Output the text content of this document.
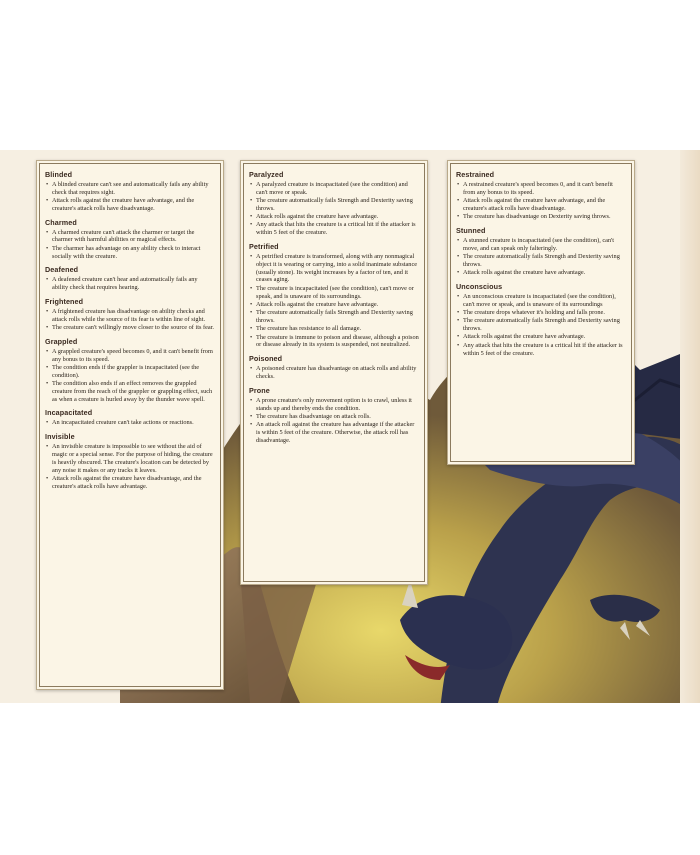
Blinded
• A blinded creature can't see and automatically fails any ability check that requires sight.
• Attack rolls against the creature have advantage, and the creature's attack rolls have disadvantage.
Charmed
• A charmed creature can't attack the charmer or target the charmer with harmful abilities or magical effects.
• The charmer has advantage on any ability check to interact socially with the creature.
Deafened
• A deafened creature can't hear and automatically fails any ability check that requires hearing.
Frightened
• A frightened creature has disadvantage on ability checks and attack rolls while the source of its fear is within line of sight.
• The creature can't willingly move closer to the source of its fear.
Grappled
• A grappled creature's speed becomes 0, and it can't benefit from any bonus to its speed.
• The condition ends if the grappler is incapacitated (see the condition).
• The condition also ends if an effect removes the grappled creature from the reach of the grappler or grappling effect, such as when a creature is hurled away by the thunder wave spell.
Incapacitated
• An incapacitated creature can't take actions or reactions.
Invisible
• An invisible creature is impossible to see without the aid of magic or a special sense. For the purpose of hiding, the creature is heavily obscured. The creature's location can be detected by any noise it makes or any tracks it leaves.
• Attack rolls against the creature have disadvantage, and the creature's attack rolls have advantage.
Paralyzed
• A paralyzed creature is incapacitated (see the condition) and can't move or speak.
• The creature automatically fails Strength and Dexterity saving throws.
• Attack rolls against the creature have advantage.
• Any attack that hits the creature is a critical hit if the attacker is within 5 feet of the creature.
Petrified
• A petrified creature is transformed, along with any nonmagical object it is wearing or carrying, into a solid inanimate substance (usually stone). Its weight increases by a factor of ten, and it ceases aging.
• The creature is incapacitated (see the condition), can't move or speak, and is unaware of its surroundings.
• Attack rolls against the creature have advantage.
• The creature automatically fails Strength and Dexterity saving throws.
• The creature has resistance to all damage.
• The creature is immune to poison and disease, although a poison or disease already in its system is suspended, not neutralized.
Poisoned
• A poisoned creature has disadvantage on attack rolls and ability checks.
Prone
• A prone creature's only movement option is to crawl, unless it stands up and thereby ends the condition.
• The creature has disadvantage on attack rolls.
• An attack roll against the creature has advantage if the attacker is within 5 feet of the creature. Otherwise, the attack roll has disadvantage.
Restrained
• A restrained creature's speed becomes 0, and it can't benefit from any bonus to its speed.
• Attack rolls against the creature have advantage, and the creature's attack rolls have disadvantage.
• The creature has disadvantage on Dexterity saving throws.
Stunned
• A stunned creature is incapacitated (see the condition), can't move, and can speak only falteringly.
• The creature automatically fails Strength and Dexterity saving throws.
• Attack rolls against the creature have advantage.
Unconscious
• An unconscious creature is incapacitated (see the condition), can't move or speak, and is unaware of its surroundings
• The creature drops whatever it's holding and falls prone.
• The creature automatically fails Strength and Dexterity saving throws.
• Attack rolls against the creature have advantage.
• Any attack that hits the creature is a critical hit if the attacker is within 5 feet of the creature.
